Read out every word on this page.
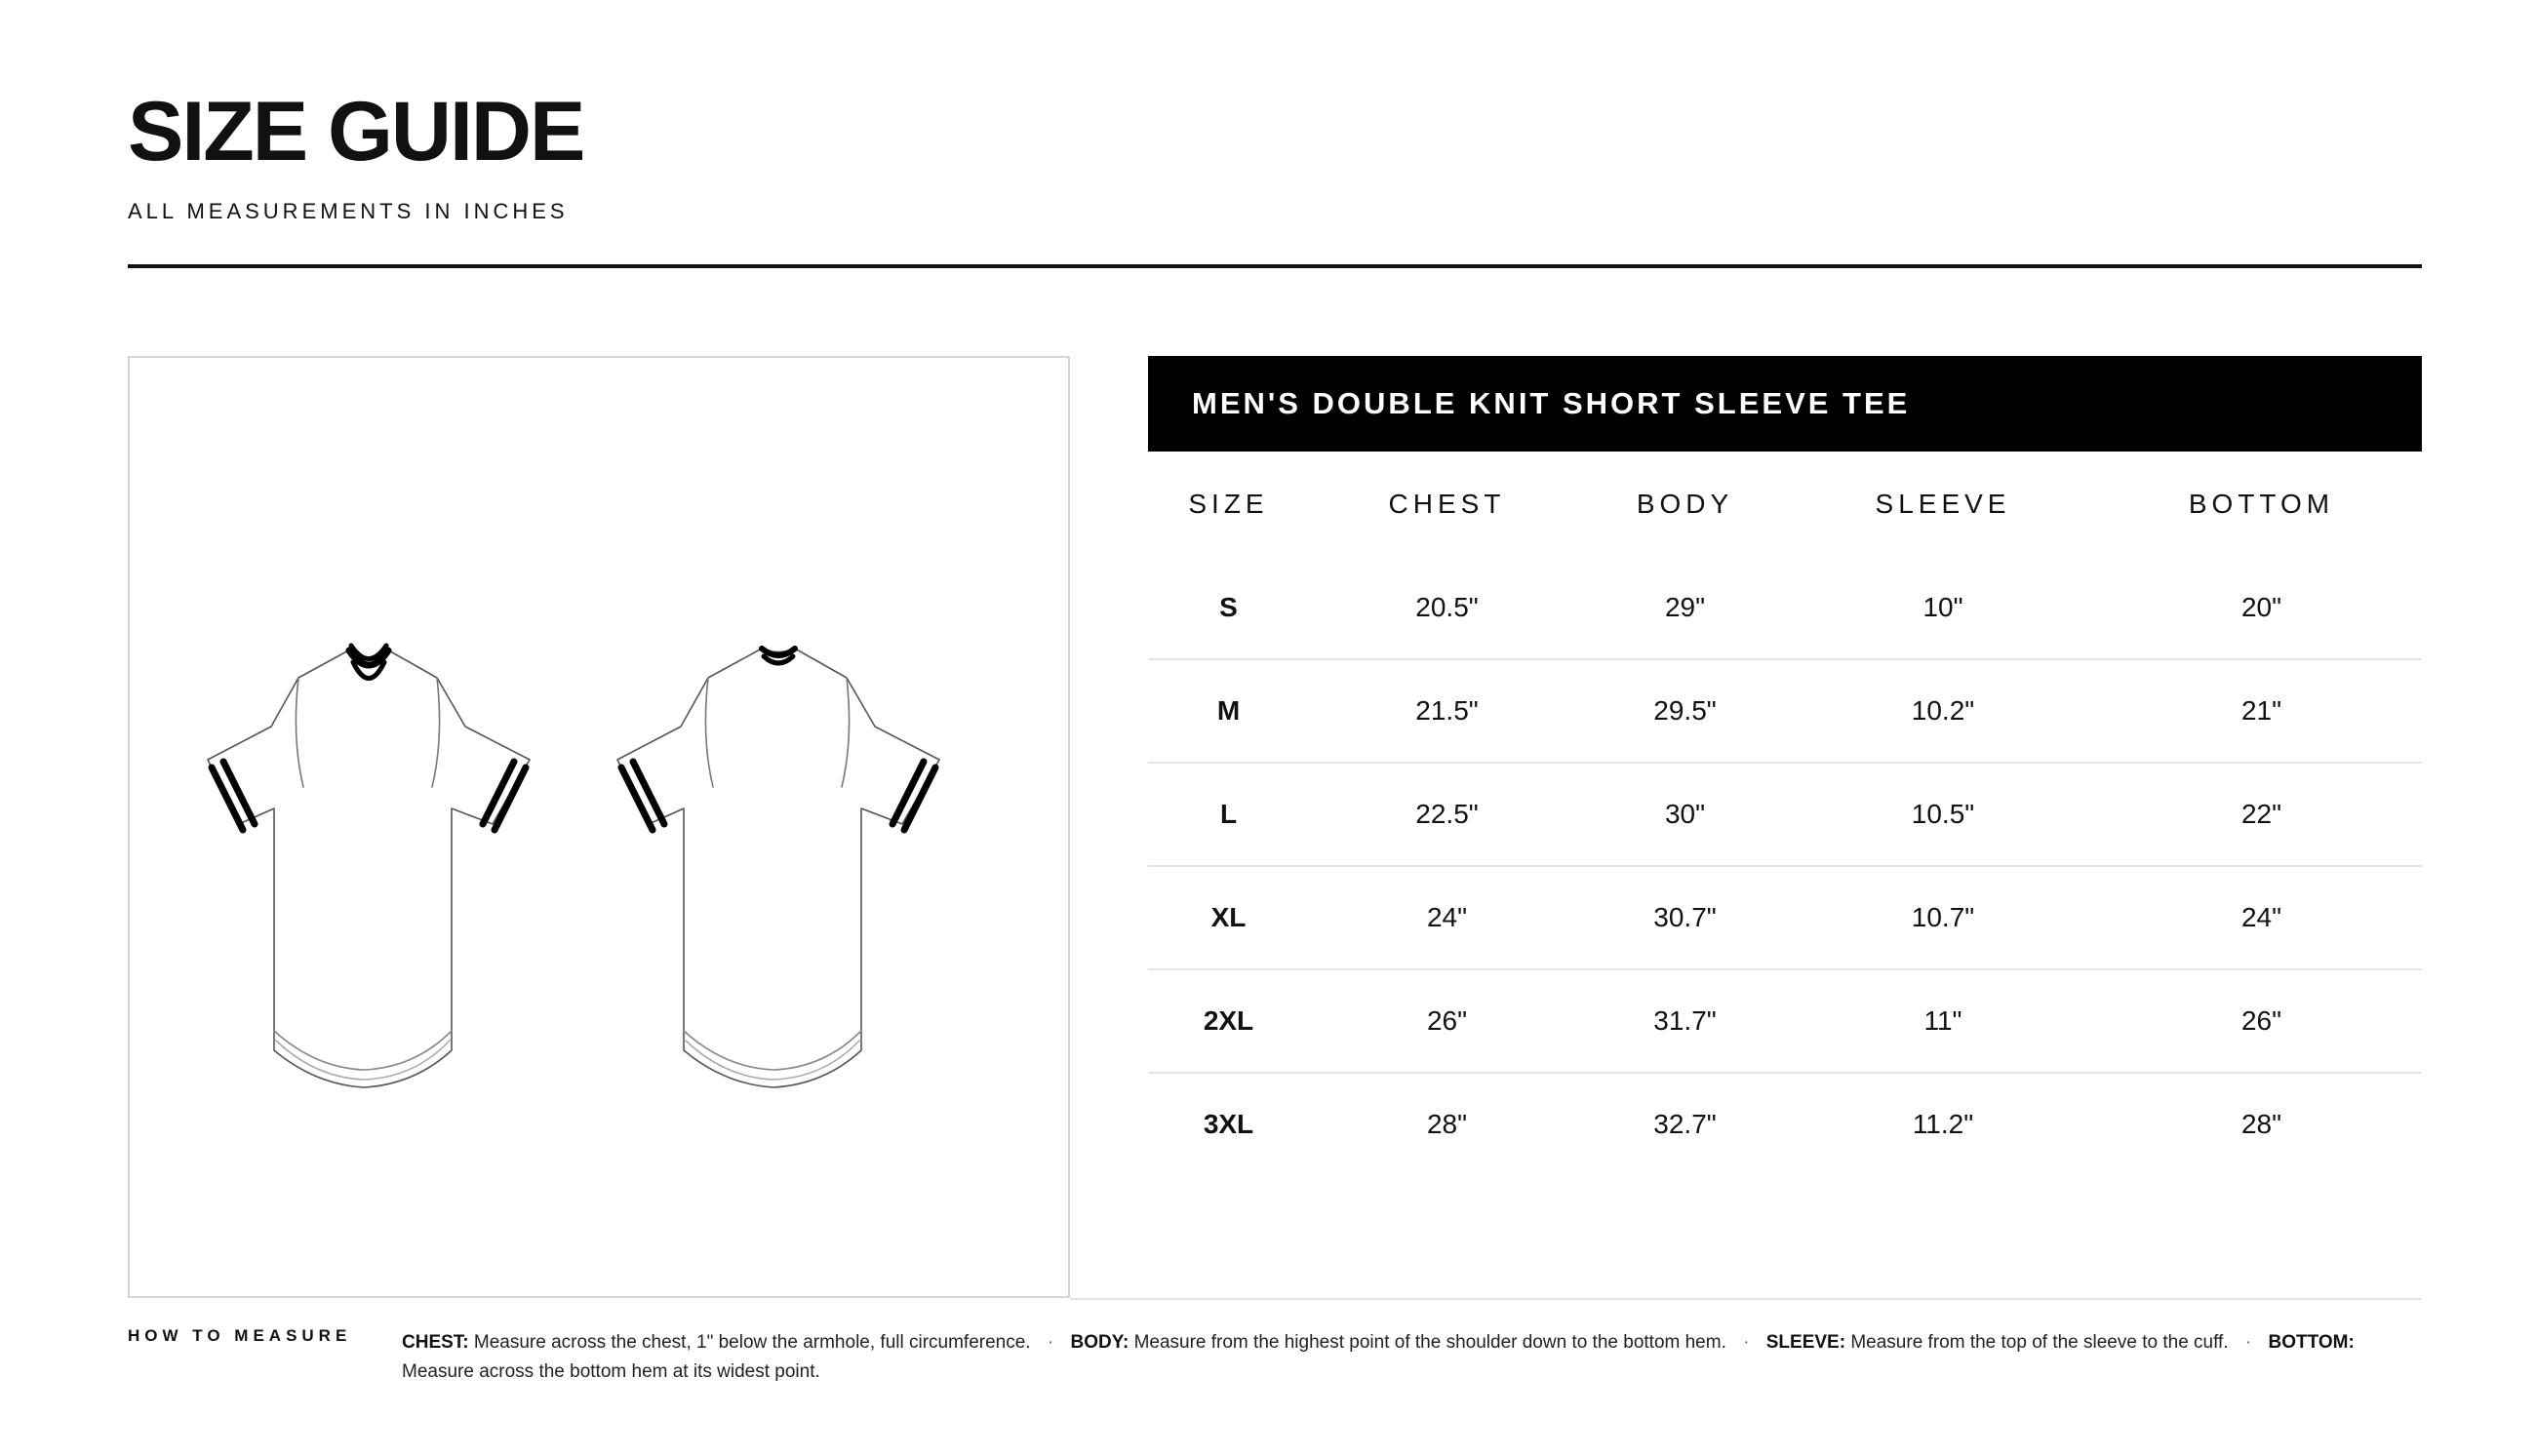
SIZE GUIDE
ALL MEASUREMENTS IN INCHES
MEN'S DOUBLE KNIT SHORT SLEEVE TEE
SIZE	CHEST	BODY	SLEEVE	BOTTOM
S	20.5"	29"	10"	20"
M	21.5"	29.5"	10.2"	21"
L	22.5"	30"	10.5"	22"
XL	24"	30.7"	10.7"	24"
2XL	26"	31.7"	11"	26"
3XL	28"	32.7"	11.2"	28"
HOW TO MEASURE	CHEST: Measure across the chest, 1" below the armhole, full circumference. · BODY: Measure from the highest point of the shoulder down to the bottom hem. · SLEEVE: Measure from the top of the sleeve to the cuff. · BOTTOM: Measure across the bottom hem at its widest point.
